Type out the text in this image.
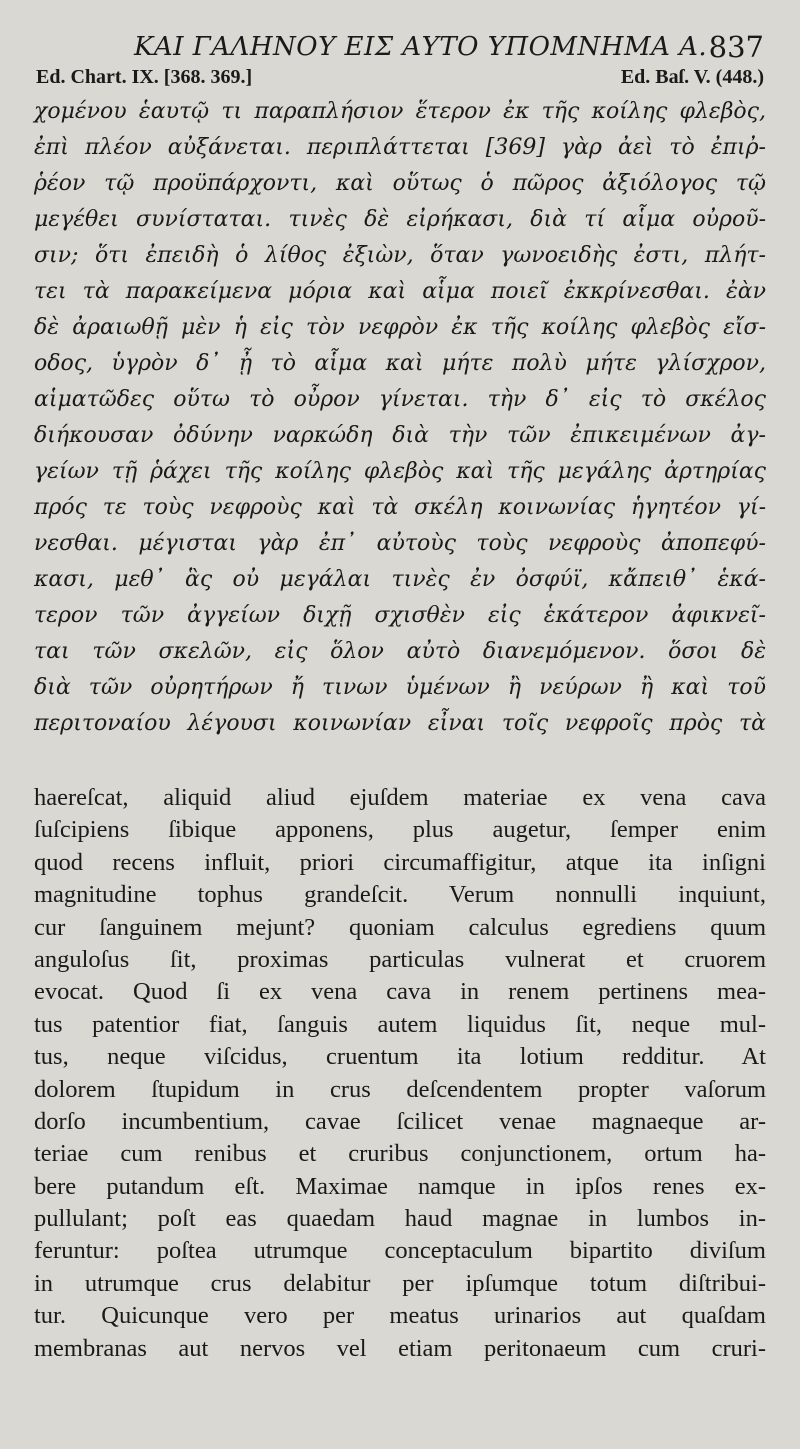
ΚΑΙ ΓΑΛΗΝΟΥ ΕΙΣ ΑΥΤΟ ΥΠΟΜΝΗΜΑ Α. 837
Ed. Chart. IX. [368. 369.]	Ed. Baſ. V. (448.)
χομένου ἑαυτῷ τι παραπλήσιον ἕτερον ἐκ τῆς κοίλης φλεβὸς,
ἐπὶ πλέον αὐξάνεται. περιπλάττεται [369] γὰρ ἀεὶ τὸ ἐπιῤ-
ῥέον τῷ προϋπάρχοντι, καὶ οὕτως ὁ πῶρος ἀξιόλογος τῷ
μεγέθει συνίσταται. τινὲς δὲ εἰρήκασι, διὰ τί αἷμα οὐροῦ-
σιν; ὅτι ἐπειδὴ ὁ λίθος ἐξιὼν, ὅταν γωνοειδὴς ἐστι, πλήτ-
τει τὰ παρακείμενα μόρια καὶ αἷμα ποιεῖ ἐκκρίνεσθαι. ἐὰν
δὲ ἀραιωθῇ μὲν ἡ εἰς τὸν νεφρὸν ἐκ τῆς κοίλης φλεβὸς εἴσ-
οδος, ὑγρὸν δ᾽ ᾖ τὸ αἷμα καὶ μήτε πολὺ μήτε γλίσχρον,
αἱματῶδες οὕτω τὸ οὖρον γίνεται. τὴν δ᾽ εἰς τὸ σκέλος
διήκουσαν ὀδύνην ναρκώδη διὰ τὴν τῶν ἐπικειμένων ἀγ-
γείων τῇ ῥάχει τῆς κοίλης φλεβὸς καὶ τῆς μεγάλης ἀρτηρίας
πρός τε τοὺς νεφροὺς καὶ τὰ σκέλη κοινωνίας ἡγητέον γί-
νεσθαι. μέγισται γὰρ ἐπ᾽ αὐτοὺς τοὺς νεφροὺς ἀποπεφύ-
κασι, μεθ᾽ ἃς οὐ μεγάλαι τινὲς ἐν ὀσφύϊ, κἄπειθ᾽ ἑκά-
τερον τῶν ἀγγείων διχῇ σχισθὲν εἰς ἑκάτερον ἀφικνεῖ-
ται τῶν σκελῶν, εἰς ὅλον αὐτὸ διανεμόμενον. ὅσοι δὲ
διὰ τῶν οὐρητήρων ἤ τινων ὑμένων ἢ νεύρων ἢ καὶ τοῦ
περιτοναίου λέγουσι κοινωνίαν εἶναι τοῖς νεφροῖς πρὸς τὰ
haereſcat, aliquid aliud ejuſdem materiae ex vena cava
ſuſcipiens ſibique apponens, plus augetur, ſemper enim
quod recens influit, priori circumaffigitur, atque ita inſigni
magnitudine tophus grandeſcit. Verum nonnulli inquiunt,
cur ſanguinem mejunt? quoniam calculus egrediens quum
anguloſus ſit, proximas particulas vulnerat et cruorem
evocat. Quod ſi ex vena cava in renem pertinens mea-
tus patentior fiat, ſanguis autem liquidus ſit, neque mul-
tus, neque viſcidus, cruentum ita lotium redditur. At
dolorem ſtupidum in crus deſcendentem propter vaſorum
dorſo incumbentium, cavae ſcilicet venae magnaeque ar-
teriae cum renibus et cruribus conjunctionem, ortum ha-
bere putandum eſt. Maximae namque in ipſos renes ex-
pullulant; poſt eas quaedam haud magnae in lumbos in-
feruntur: poſtea utrumque conceptaculum bipartito diviſum
in utrumque crus delabitur per ipſumque totum diſtribui-
tur. Quicunque vero per meatus urinarios aut quaſdam
membranas aut nervos vel etiam peritonaeum cum cruri-
